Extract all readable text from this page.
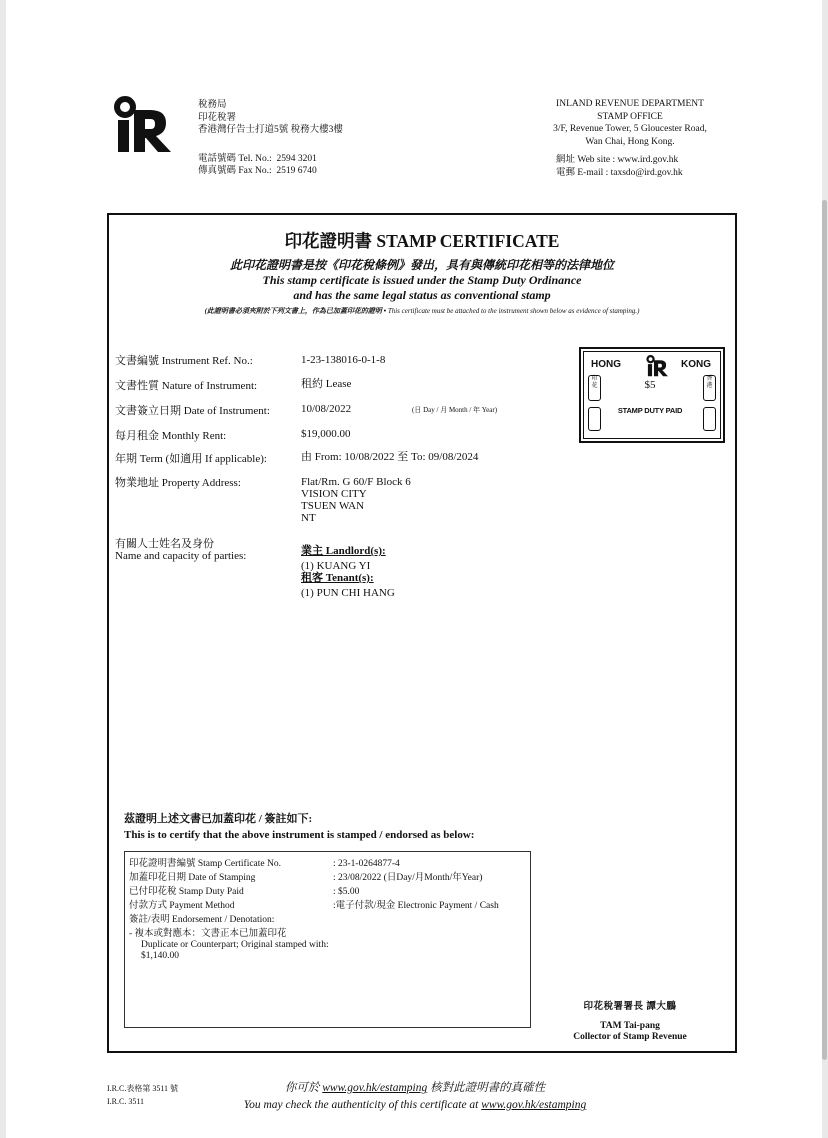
稅務局
印花稅署
香港灣仔告士打道5號 稅務大樓3樓
電話號碼 Tel. No.: 2594 3201
傳真號碼 Fax No.: 2519 6740
INLAND REVENUE DEPARTMENT
STAMP OFFICE
3/F, Revenue Tower, 5 Gloucester Road,
Wan Chai, Hong Kong.
網址 Web site : www.ird.gov.hk
電郵 E-mail : taxsdo@ird.gov.hk
印花證明書 STAMP CERTIFICATE
此印花證明書是按《印花稅條例》發出，具有與傳統印花相等的法律地位
This stamp certificate is issued under the Stamp Duty Ordinance
and has the same legal status as conventional stamp
(此證明書必須夾附於下列文書上，作為已加蓋印花的證明 • This certificate must be attached to the instrument shown below as evidence of stamping.)
文書編號 Instrument Ref. No.:	1-23-138016-0-1-8
文書性質 Nature of Instrument:	租約 Lease
文書簽立日期 Date of Instrument:	10/08/2022	(日 Day / 月 Month / 年 Year)
每月租金 Monthly Rent:	$19,000.00
年期 Term (如適用 If applicable):	由 From: 10/08/2022 至 To: 09/08/2024
物業地址 Property Address:	Flat/Rm. G 60/F Block 6
VISION CITY
TSUEN WAN
NT
有關人士姓名及身份
Name and capacity of parties:	業主 Landlord(s):
(1) KUANG YI
租客 Tenant(s):
(1) PUN CHI HANG
HONG	KONG
$5
STAMP DUTY PAID
印花
香港
茲證明上述文書已加蓋印花 / 簽註如下:
This is to certify that the above instrument is stamped / endorsed as below:
印花證明書編號 Stamp Certificate No.	: 23-1-0264877-4
加蓋印花日期 Date of Stamping	: 23/08/2022 (日Day/月Month/年Year)
已付印花稅 Stamp Duty Paid	: $5.00
付款方式 Payment Method	:電子付款/現金 Electronic Payment / Cash
簽註/表明 Endorsement / Denotation:
- 複本或對應本：文書正本已加蓋印花
Duplicate or Counterpart; Original stamped with:
$1,140.00
印花稅署署長 譚大鵬
TAM Tai-pang
Collector of Stamp Revenue
I.R.C.表格第 3511 號
I.R.C. 3511
你可於 www.gov.hk/estamping 核對此證明書的真確性
You may check the authenticity of this certificate at www.gov.hk/estamping
